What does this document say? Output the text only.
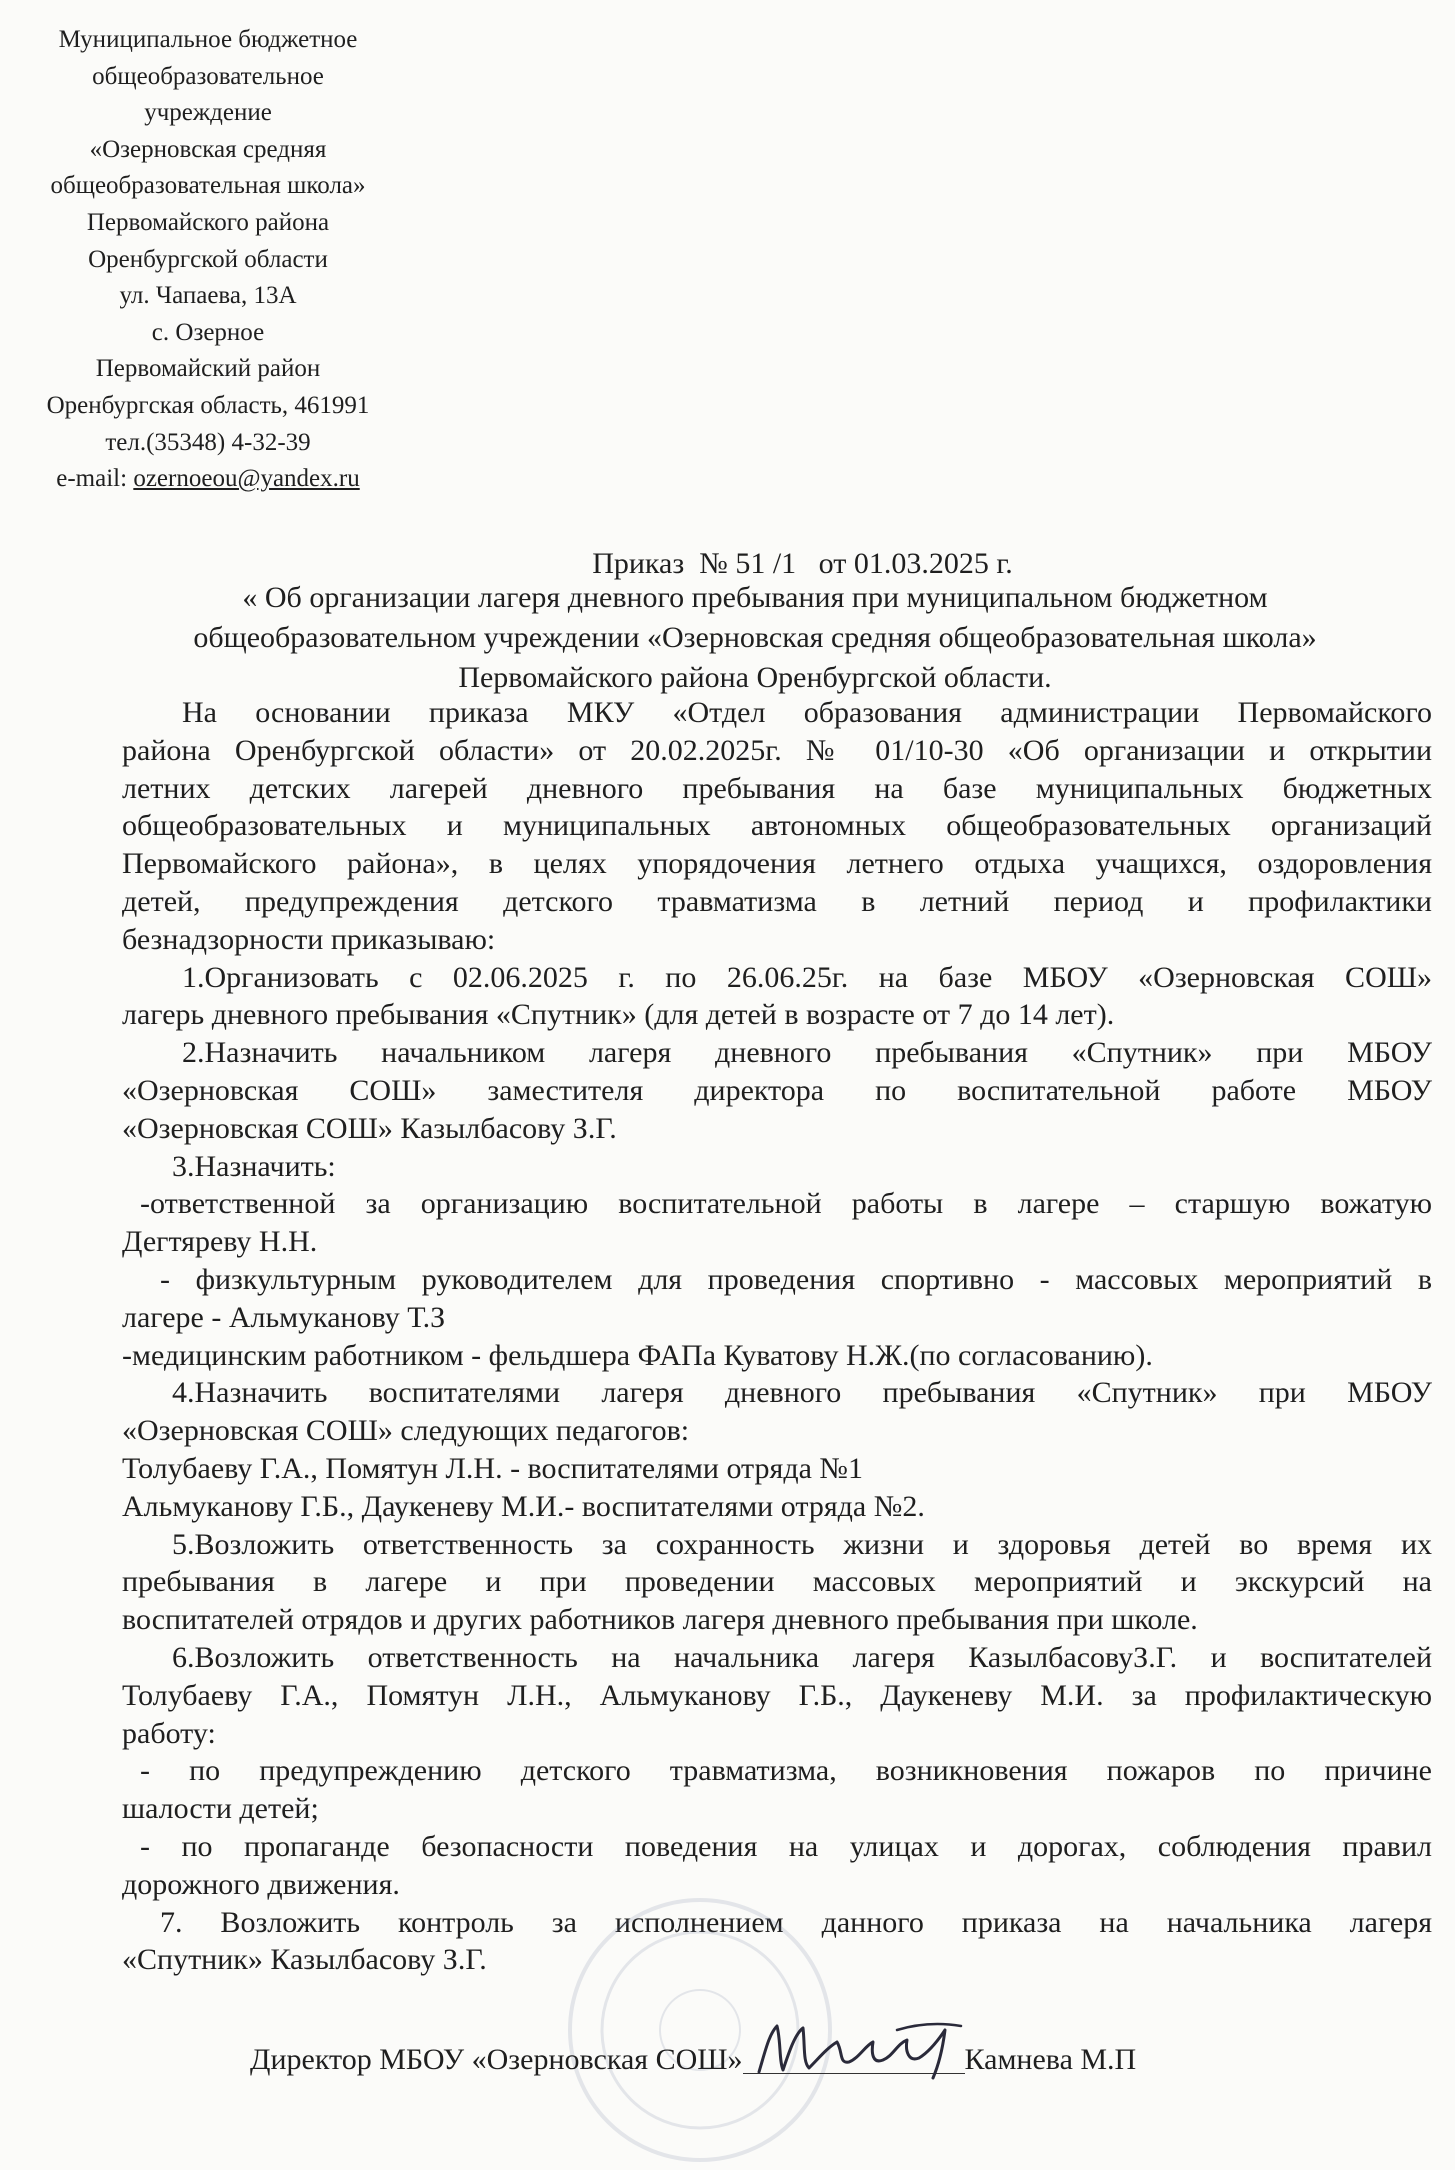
Муниципальное бюджетное
общеобразовательное
учреждение
«Озерновская средняя
общеобразовательная школа»
Первомайского района
Оренбургской области
ул. Чапаева, 13А
с. Озерное
Первомайский район
Оренбургская область, 461991
тел.(35348) 4-32-39
e-mail: ozernoeou@yandex.ru

Приказ  № 51 /1   от 01.03.2025 г.

« Об организации лагеря дневного пребывания при муниципальном бюджетном
общеобразовательном учреждении «Озерновская средняя общеобразовательная школа»
Первомайского района Оренбургской области.
На основании приказа МКУ «Отдел образования администрации Первомайского
района Оренбургской области» от 20.02.2025г. № 01/10-30 «Об организации и открытии
летних детских лагерей дневного пребывания на базе муниципальных бюджетных
общеобразовательных и муниципальных автономных общеобразовательных организаций
Первомайского района», в целях упорядочения летнего отдыха учащихся, оздоровления
детей, предупреждения детского травматизма в летний период и профилактики
безнадзорности приказываю:
1.Организовать с 02.06.2025 г. по 26.06.25г. на базе МБОУ «Озерновская СОШ»
лагерь дневного пребывания «Спутник» (для детей в возрасте от 7 до 14 лет).
2.Назначить начальником лагеря дневного пребывания «Спутник» при МБОУ
«Озерновская СОШ» заместителя директора по воспитательной работе МБОУ
«Озерновская СОШ» Казылбасову З.Г.
3.Назначить:
-ответственной за организацию воспитательной работы в лагере – старшую вожатую
Дегтяреву Н.Н.
- физкультурным руководителем для проведения спортивно - массовых мероприятий в
лагере - Альмуканову Т.З
-медицинским работником - фельдшера ФАПа Куватову Н.Ж.(по согласованию).
4.Назначить воспитателями лагеря дневного пребывания «Спутник» при МБОУ
«Озерновская СОШ» следующих педагогов:
Толубаеву Г.А., Помятун Л.Н. - воспитателями отряда №1
Альмуканову Г.Б., Даукеневу М.И.- воспитателями отряда №2.
5.Возложить ответственность за сохранность жизни и здоровья детей во время их
пребывания в лагере и при проведении массовых мероприятий и экскурсий на
воспитателей отрядов и других работников лагеря дневного пребывания при школе.
6.Возложить ответственность на начальника лагеря КазылбасовуЗ.Г. и воспитателей
Толубаеву Г.А., Помятун Л.Н., Альмуканову Г.Б., Даукеневу М.И. за профилактическую
работу:
- по предупреждению детского травматизма, возникновения пожаров по причине
шалости детей;
- по пропаганде безопасности поведения на улицах и дорогах, соблюдения правил
дорожного движения.
7. Возложить контроль за исполнением данного приказа на начальника лагеря
«Спутник» Казылбасову З.Г.
Директор МБОУ «Озерновская СОШ»	Камнева М.П
